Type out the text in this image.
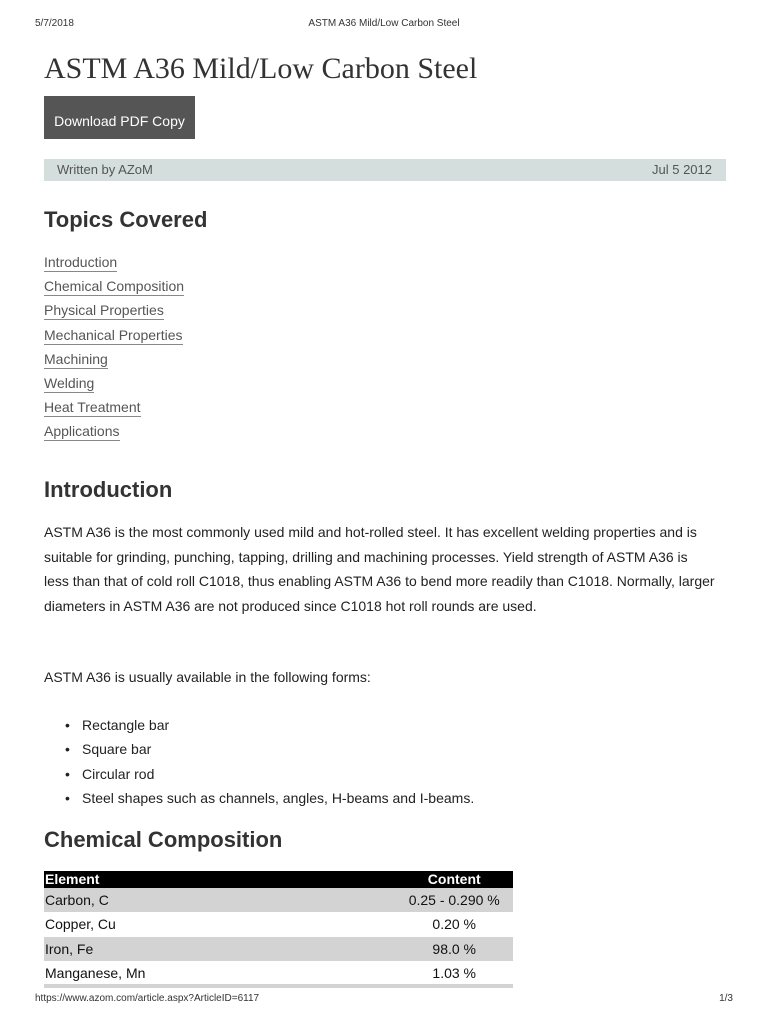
5/7/2018	ASTM A36 Mild/Low Carbon Steel
ASTM A36 Mild/Low Carbon Steel
Download PDF Copy
Written by AZoM	Jul 5 2012
Topics Covered
Introduction
Chemical Composition
Physical Properties
Mechanical Properties
Machining
Welding
Heat Treatment
Applications
Introduction

ASTM A36 is the most commonly used mild and hot-rolled steel. It has excellent welding properties and is suitable for grinding, punching, tapping, drilling and machining processes. Yield strength of ASTM A36 is less than that of cold roll C1018, thus enabling ASTM A36 to bend more readily than C1018. Normally, larger diameters in ASTM A36 are not produced since C1018 hot roll rounds are used.

ASTM A36 is usually available in the following forms:

• Rectangle bar
• Square bar
• Circular rod
• Steel shapes such as channels, angles, H-beams and I-beams.
Chemical Composition
Element	Content
Carbon, C	0.25 - 0.290 %
Copper, Cu	0.20 %
Iron, Fe	98.0 %
Manganese, Mn	1.03 %
https://www.azom.com/article.aspx?ArticleID=6117	1/3
